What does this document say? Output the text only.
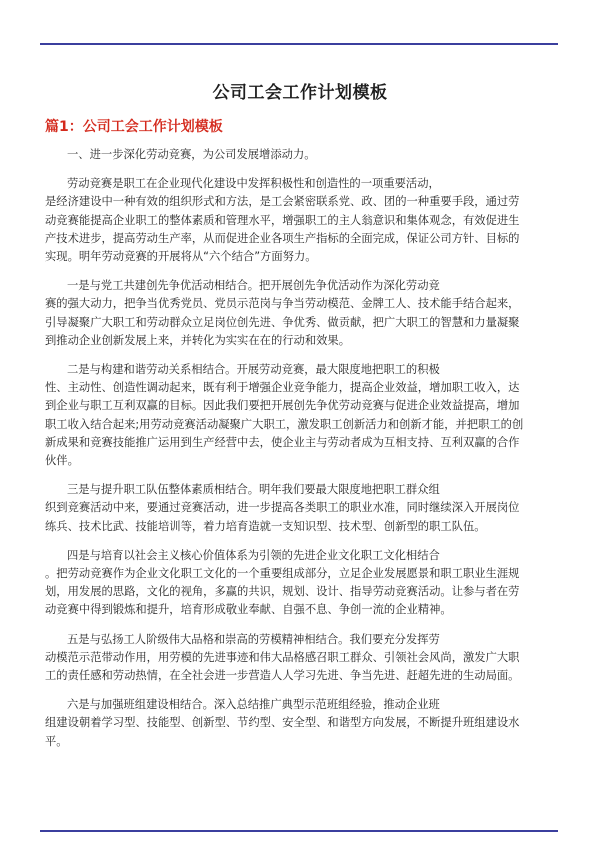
公司工会工作计划模板
篇1：公司工会工作计划模板

一、进一步深化劳动竞赛，为公司发展增添动力。

劳动竞赛是职工在企业现代化建设中发挥积极性和创造性的一项重要活动，
是经济建设中一种有效的组织形式和方法，是工会紧密联系党、政、团的一种重要手段，通过劳
动竞赛能提高企业职工的整体素质和管理水平，增强职工的主人翁意识和集体观念，有效促进生
产技术进步，提高劳动生产率，从而促进企业各项生产指标的全面完成，保证公司方针、目标的
实现。明年劳动竞赛的开展将从“六个结合”方面努力。

一是与党工共建创先争优活动相结合。把开展创先争优活动作为深化劳动竞
赛的强大动力，把争当优秀党员、党员示范岗与争当劳动模范、金牌工人、技术能手结合起来，
引导凝聚广大职工和劳动群众立足岗位创先进、争优秀、做贡献，把广大职工的智慧和力量凝聚
到推动企业创新发展上来，并转化为实实在在的行动和效果。

二是与构建和谐劳动关系相结合。开展劳动竞赛，最大限度地把职工的积极
性、主动性、创造性调动起来，既有利于增强企业竞争能力，提高企业效益，增加职工收入，达
到企业与职工互利双赢的目标。因此我们要把开展创先争优劳动竞赛与促进企业效益提高，增加
职工收入结合起来;用劳动竞赛活动凝聚广大职工，激发职工创新活力和创新才能，并把职工的创
新成果和竞赛技能推广运用到生产经营中去，使企业主与劳动者成为互相支持、互利双赢的合作
伙伴。

三是与提升职工队伍整体素质相结合。明年我们要最大限度地把职工群众组
织到竞赛活动中来，要通过竞赛活动，进一步提高各类职工的职业水准，同时继续深入开展岗位
练兵、技术比武、技能培训等，着力培育造就一支知识型、技术型、创新型的职工队伍。

四是与培育以社会主义核心价值体系为引领的先进企业文化职工文化相结合
。把劳动竞赛作为企业文化职工文化的一个重要组成部分，立足企业发展愿景和职工职业生涯规
划，用发展的思路，文化的视角，多赢的共识，规划、设计、指导劳动竞赛活动。让参与者在劳
动竞赛中得到锻炼和提升，培育形成敬业奉献、自强不息、争创一流的企业精神。

五是与弘扬工人阶级伟大品格和崇高的劳模精神相结合。我们要充分发挥劳
动模范示范带动作用，用劳模的先进事迹和伟大品格感召职工群众、引领社会风尚，激发广大职
工的责任感和劳动热情，在全社会进一步营造人人学习先进、争当先进、赶超先进的生动局面。

六是与加强班组建设相结合。深入总结推广典型示范班组经验，推动企业班
组建设朝着学习型、技能型、创新型、节约型、安全型、和谐型方向发展，不断提升班组建设水
平。
